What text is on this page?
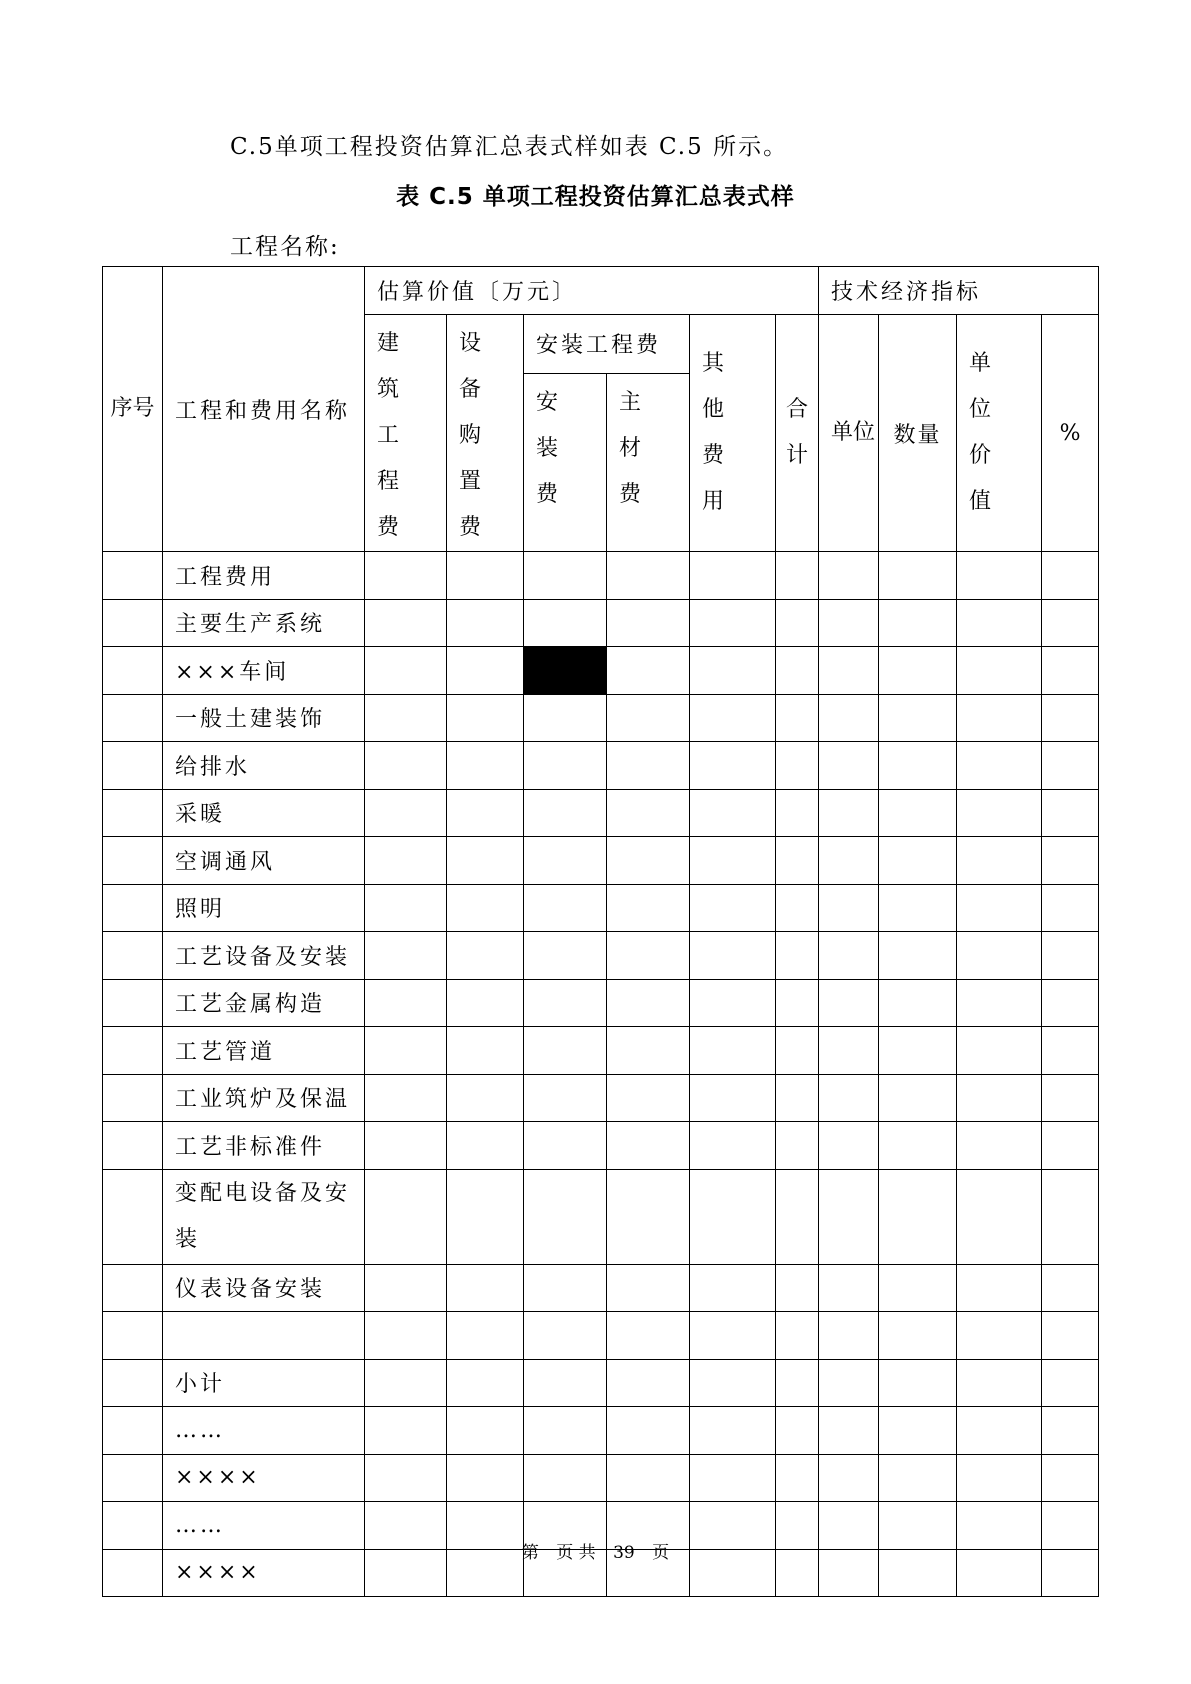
C.5单项工程投资估算汇总表式样如表 C.5 所示。
表 C.5 单项工程投资估算汇总表式样
工程名称:
序号	工程和费用名称	估算价值〔万元〕						技术经济指标			
		建筑工程费	设备购置费	安装工程费		其他费用	合计	单位	数量	单位价值	%
				安装费	主材费						
	工程费用										
	主要生产系统										
	×××车间										
	一般土建装饰										
	给排水										
	采暖										
	空调通风										
	照明										
	工艺设备及安装										
	工艺金属构造										
	工艺管道										
	工业筑炉及保温										
	工艺非标准件										
	变配电设备及安装										
	仪表设备安装										

	小计										
	……										
	××××										
	……										
	××××										
第 页 共 39 页
